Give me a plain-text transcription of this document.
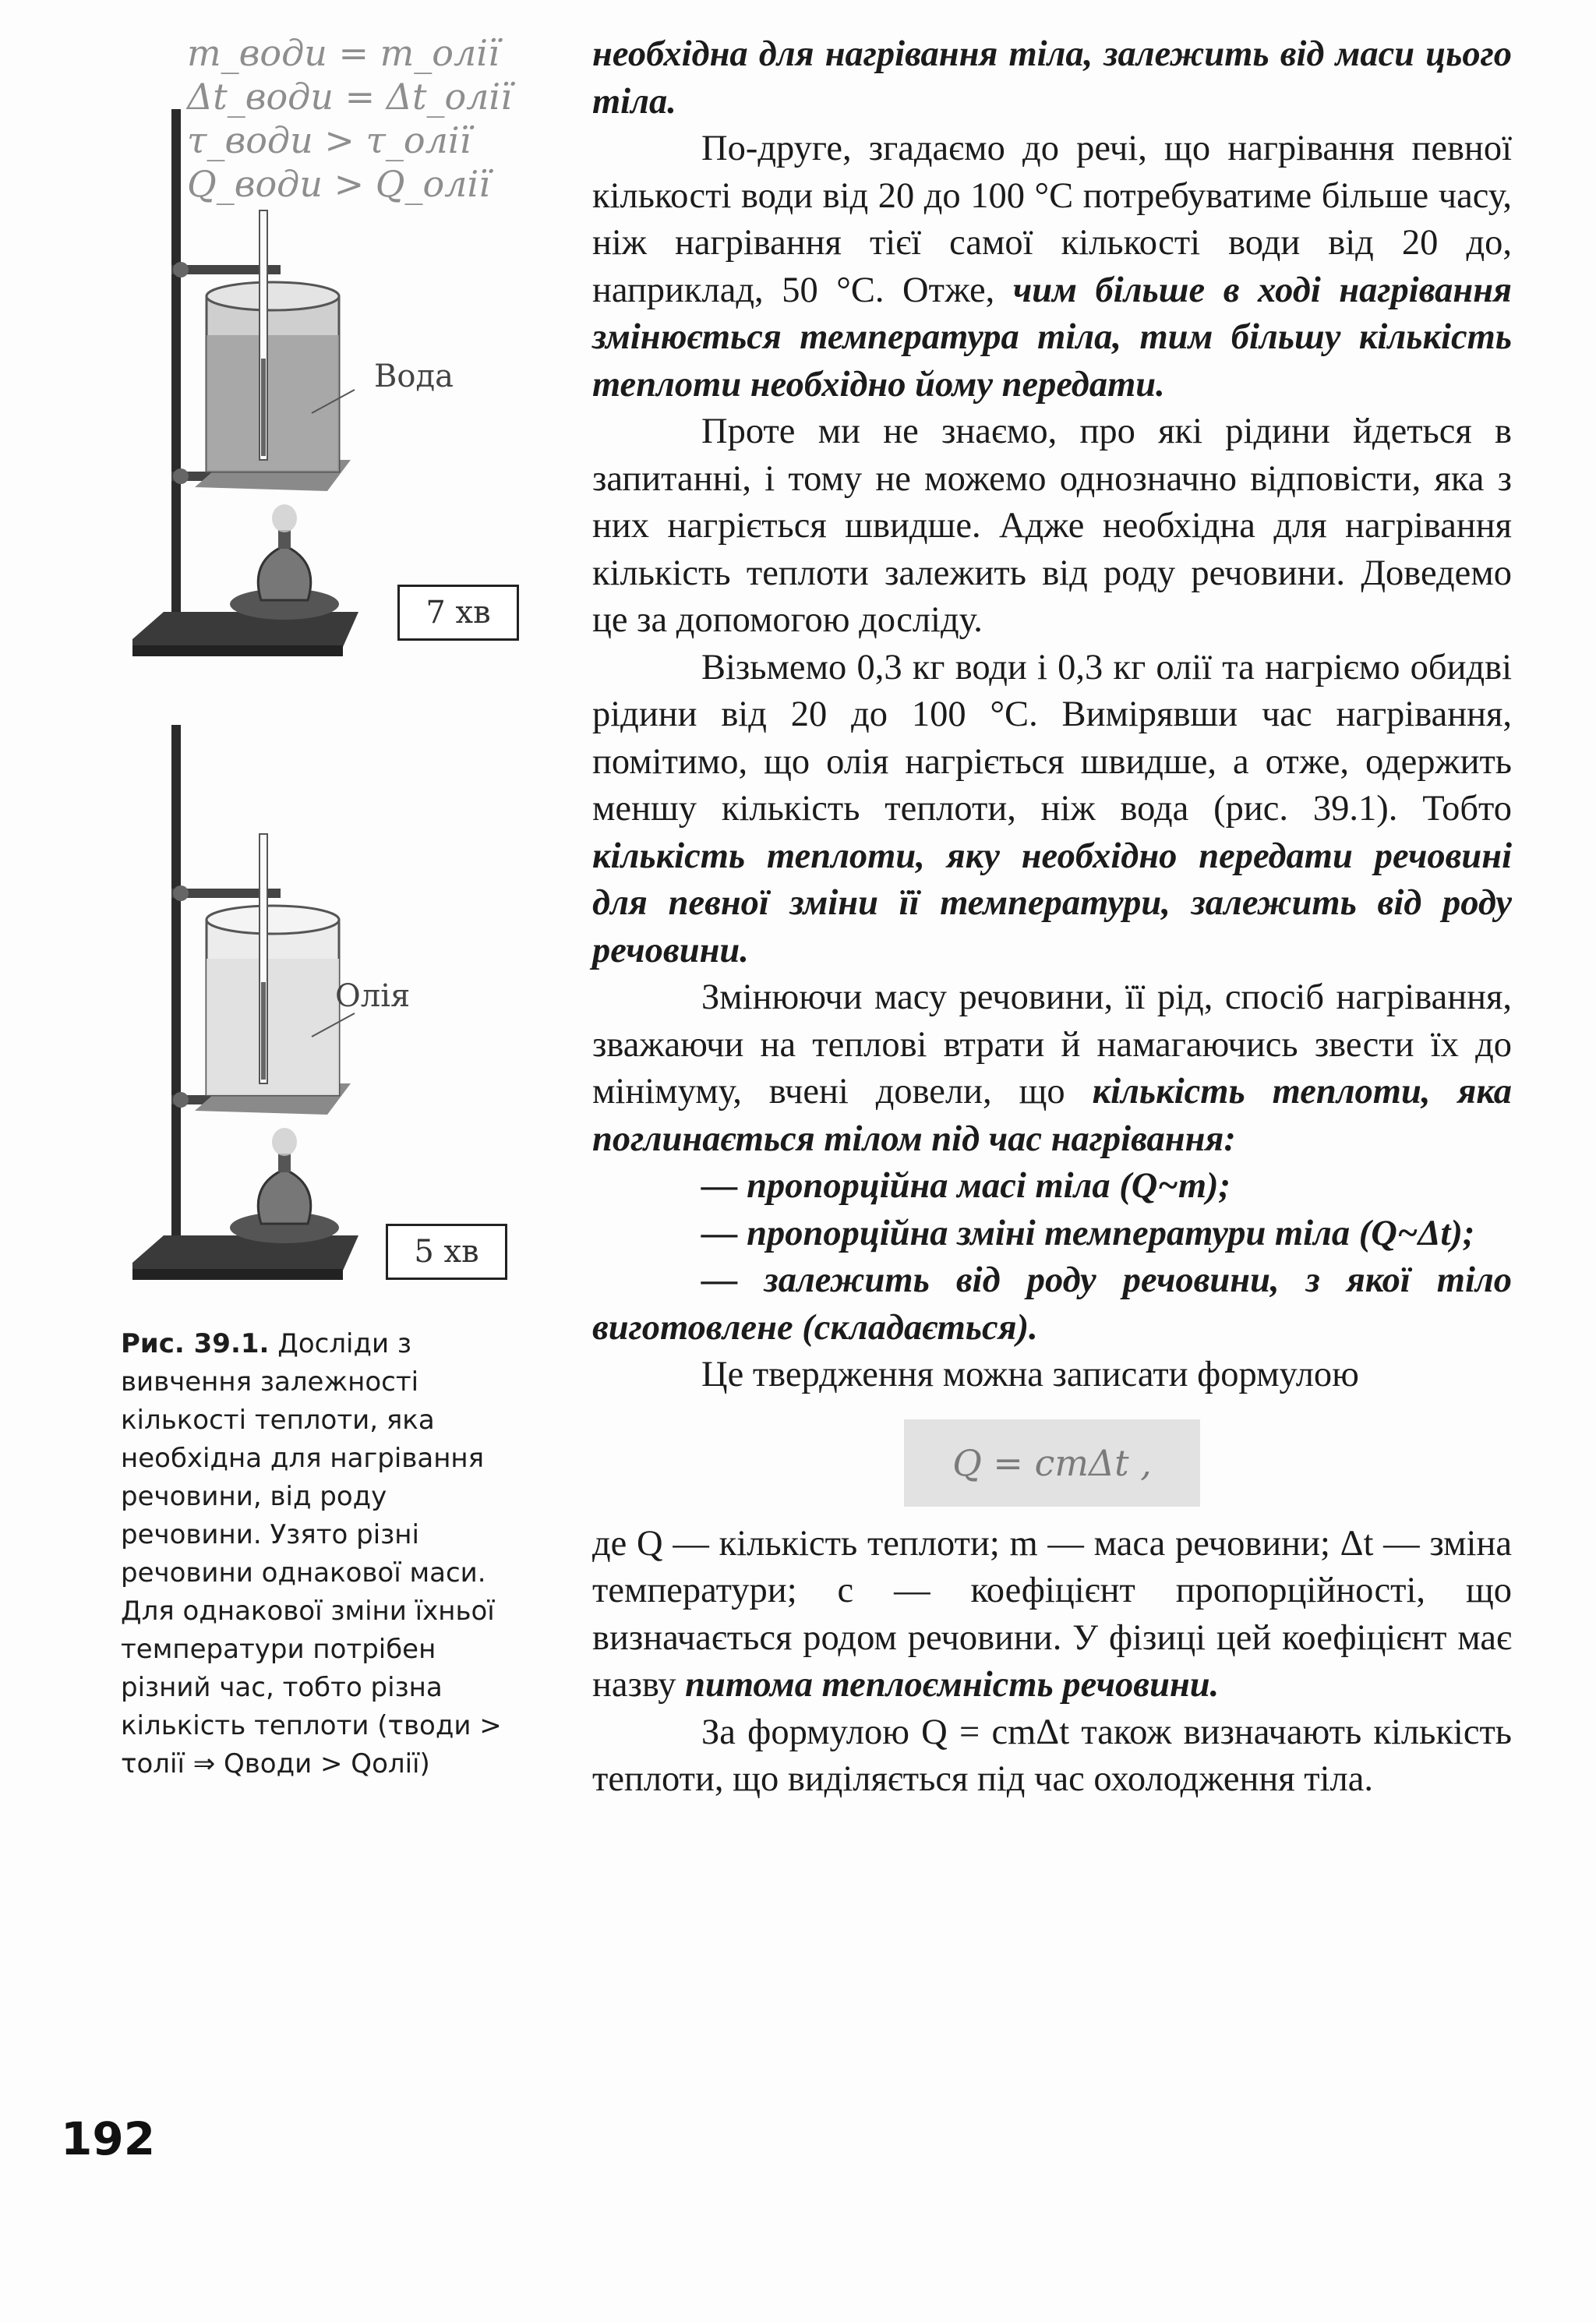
m_води = m_олії
Δt_води = Δt_олії
τ_води > τ_олії
Q_води > Q_олії
Вода
7 хв
Олія
5 хв
Рис. 39.1. Досліди з вивчення залежності кількості теплоти, яка необхідна для нагрівання речовини, від роду речовини. Узято різні речовини однакової маси. Для однакової зміни їхньої температури потрібен різний час, тобто різна кількість теплоти (τводи > τолії ⇒ Qводи > Qолії)

необхідна для нагрівання тіла, залежить від маси цього тіла.

По-друге, згадаємо до речі, що нагрівання певної кількості води від 20 до 100 °С потребуватиме більше часу, ніж нагрівання тієї самої кількості води від 20 до, наприклад, 50 °С. Отже, чим більше в ході нагрівання змінюється температура тіла, тим більшу кількість теплоти необхідно йому передати.

Проте ми не знаємо, про які рідини йдеться в запитанні, і тому не можемо однозначно відповісти, яка з них нагріється швидше. Адже необхідна для нагрівання кількість теплоти залежить від роду речовини. Доведемо це за допомогою досліду.

Візьмемо 0,3 кг води і 0,3 кг олії та нагріємо обидві рідини від 20 до 100 °С. Вимірявши час нагрівання, помітимо, що олія нагріється швидше, а отже, одержить меншу кількість теплоти, ніж вода (рис. 39.1). Тобто кількість теплоти, яку необхідно передати речовині для певної зміни її температури, залежить від роду речовини.

Змінюючи масу речовини, її рід, спосіб нагрівання, зважаючи на теплові втрати й намагаючись звести їх до мінімуму, вчені довели, що кількість теплоти, яка поглинається тілом під час нагрівання:

— пропорційна масі тіла (Q~m);

— пропорційна зміні температури тіла (Q~Δt);

— залежить від роду речовини, з якої тіло виготовлене (складається).

Це твердження можна записати формулою

Q = cmΔt ,

де Q — кількість теплоти; m — маса речовини; Δt — зміна температури; c — коефіцієнт пропорційності, що визначається родом речовини. У фізиці цей коефіцієнт має назву питома теплоємність речовини.

За формулою Q = cmΔt також визначають кількість теплоти, що виділяється під час охолодження тіла.

192
